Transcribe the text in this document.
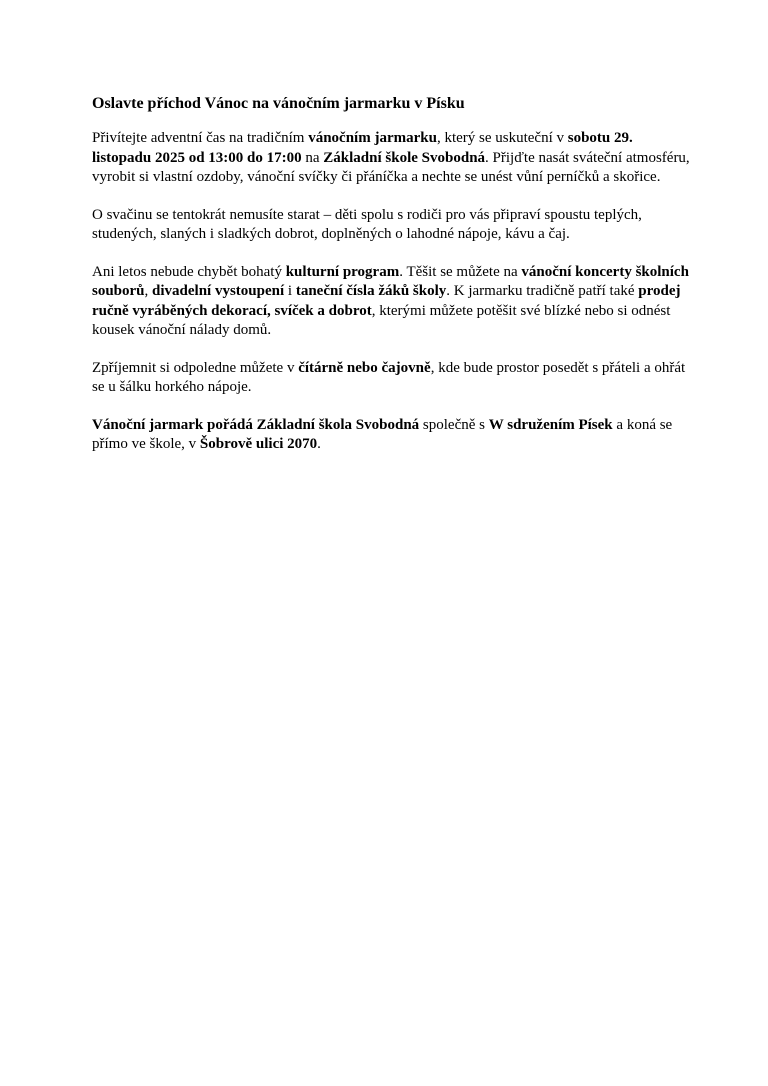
Oslavte příchod Vánoc na vánočním jarmarku v Písku

Přivítejte adventní čas na tradičním vánočním jarmarku, který se uskuteční v sobotu 29. listopadu 2025 od 13:00 do 17:00 na Základní škole Svobodná. Přijďte nasát sváteční atmosféru, vyrobit si vlastní ozdoby, vánoční svíčky či přáníčka a nechte se unést vůní perníčků a skořice.

O svačinu se tentokrát nemusíte starat – děti spolu s rodiči pro vás připraví spoustu teplých, studených, slaných i sladkých dobrot, doplněných o lahodné nápoje, kávu a čaj.

Ani letos nebude chybět bohatý kulturní program. Těšit se můžete na vánoční koncerty školních souborů, divadelní vystoupení i taneční čísla žáků školy. K jarmarku tradičně patří také prodej ručně vyráběných dekorací, svíček a dobrot, kterými můžete potěšit své blízké nebo si odnést kousek vánoční nálady domů.

Zpříjemnit si odpoledne můžete v čítárně nebo čajovně, kde bude prostor posedět s přáteli a ohřát se u šálku horkého nápoje.

Vánoční jarmark pořádá Základní škola Svobodná společně s W sdružením Písek a koná se přímo ve škole, v Šobrově ulici 2070.
